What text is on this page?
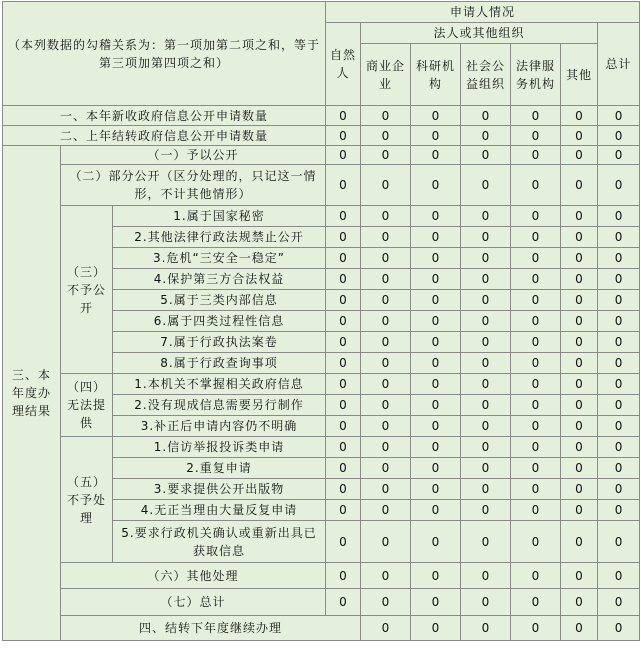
（本列数据的勾稽关系为：第一项加第二项之和，等于第三项加第四项之和）			申请人情况							
			自然人	法人或其他组织					总计	
				商业企业	科研机构	社会公益组织	法律服务机构	其他		
一、本年新收政府信息公开申请数量			0	0	0	0	0	0	0	
二、上年结转政府信息公开申请数量			0	0	0	0	0	0	0	
三、本年度办理结果	（一）予以公开		0	0	0	0	0	0	0	
	（二）部分公开（区分处理的，只记这一情形，不计其他情形）		0	0	0	0	0	0	0	
	（三）不予公开	1.属于国家秘密	0	0	0	0	0	0	0	
		2.其他法律行政法规禁止公开	0	0	0	0	0	0	0	
		3.危机“三安全一稳定”	0	0	0	0	0	0	0	
		4.保护第三方合法权益	0	0	0	0	0	0	0	
		5.属于三类内部信息	0	0	0	0	0	0	0	
		6.属于四类过程性信息	0	0	0	0	0	0	0	
		7.属于行政执法案卷	0	0	0	0	0	0	0	
		8.属于行政查询事项	0	0	0	0	0	0	0	
	（四）无法提供	1.本机关不掌握相关政府信息	0	0	0	0	0	0	0	
		2.没有现成信息需要另行制作	0	0	0	0	0	0	0	
		3.补正后申请内容仍不明确	0	0	0	0	0	0	0	
	（五）不予处理	1.信访举报投诉类申请	0	0	0	0	0	0	0	
		2.重复申请	0	0	0	0	0	0	0	
		3.要求提供公开出版物	0	0	0	0	0	0	0	
		4.无正当理由大量反复申请	0	0	0	0	0	0	0	
		5.要求行政机关确认或重新出具已获取信息	0	0	0	0	0	0	0	
	（六）其他处理		0	0	0	0	0	0	0	
	（七）总计		0	0	0	0	0	0	0	
	四、结转下年度继续办理			0	0	0	0	0	0	
